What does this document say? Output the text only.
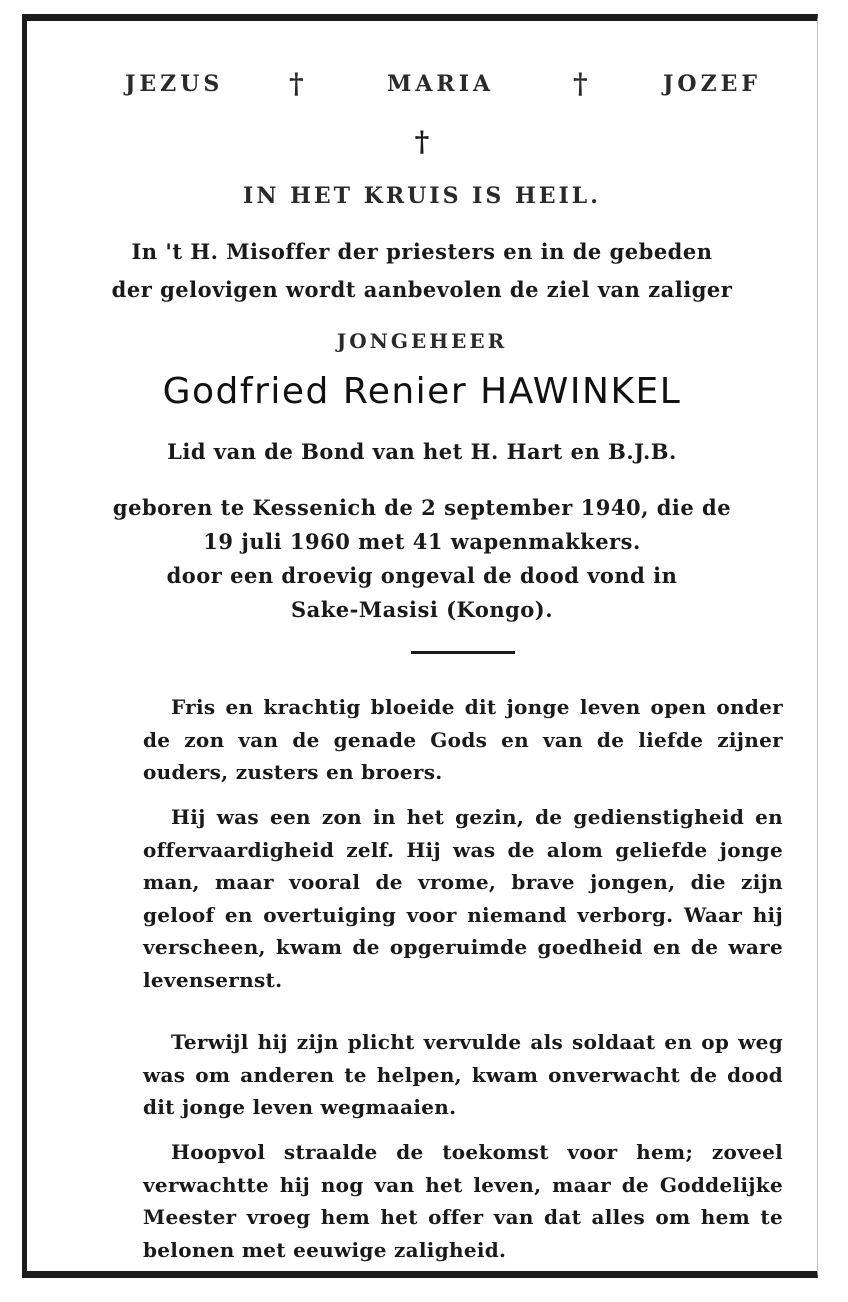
JEZUS †	MARIA	†	JOZEF
†
IN HET KRUIS IS HEIL.
In 't H. Misoffer der priesters en in de gebeden
der gelovigen wordt aanbevolen de ziel van zaliger
JONGEHEER
Godfried Renier HAWINKEL
Lid van de Bond van het H. Hart en B.J.B.
geboren te Kessenich de 2 september 1940, die de
19 juli 1960 met 41 wapenmakkers.
door een droevig ongeval de dood vond in
Sake-Masisi (Kongo).

Fris en krachtig bloeide dit jonge leven open onder de zon van de genade Gods en van de liefde zijner ouders, zusters en broers.

Hij was een zon in het gezin, de gedienstigheid en offervaardigheid zelf. Hij was de alom geliefde jonge man, maar vooral de vrome, brave jongen, die zijn geloof en overtuiging voor niemand verborg. Waar hij verscheen, kwam de opgeruimde goedheid en de ware levensernst.

Terwijl hij zijn plicht vervulde als soldaat en op weg was om anderen te helpen, kwam onverwacht de dood dit jonge leven wegmaaien.

Hoopvol straalde de toekomst voor hem; zoveel verwachtte hij nog van het leven, maar de Goddelijke Meester vroeg hem het offer van dat alles om hem te belonen met eeuwige zaligheid.
